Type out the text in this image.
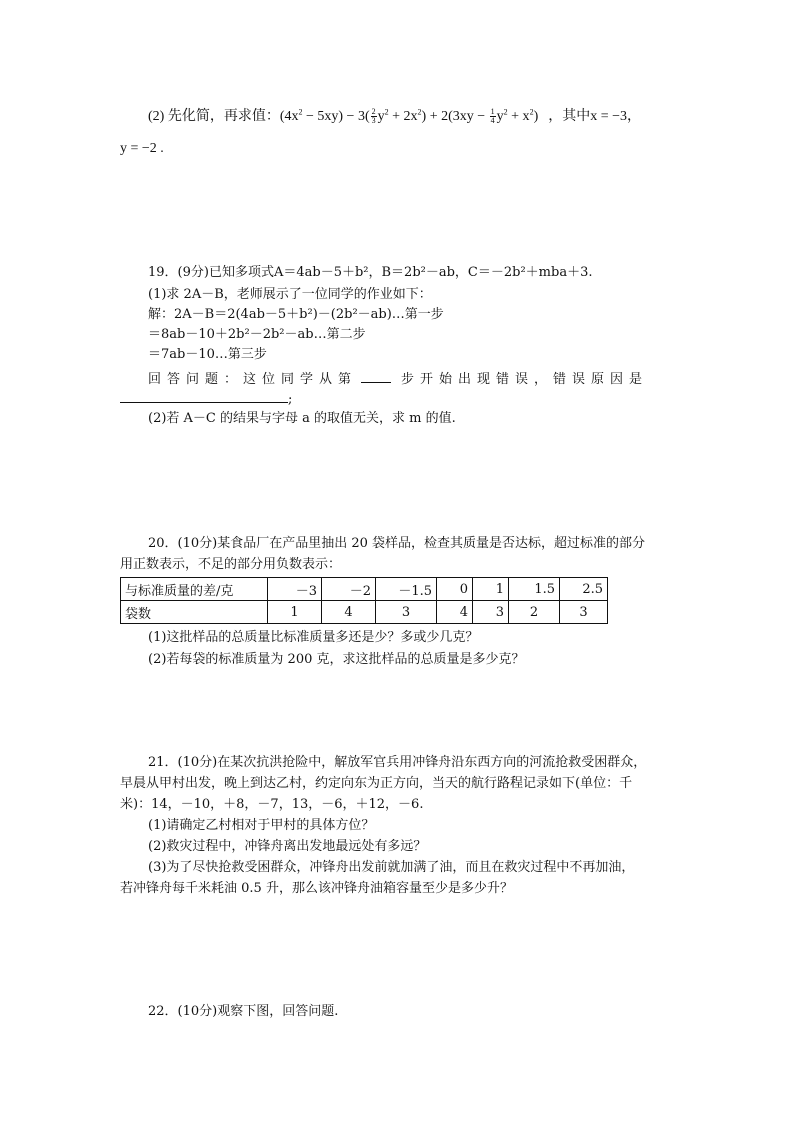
(2) 先化简，再求值：$(4x^2 - 5xy) - 3( \frac{2}{3} y^2 + 2x^2) + 2(3xy - \frac{1}{4} y^2 + x^2)$ ，其中x = −3，
y = −2 .
19．(9分)已知多项式A＝4ab－5＋b²，B＝2b²－ab，C＝－2b²＋mba＋3.
(1)求 2A－B，老师展示了一位同学的作业如下：
解：2A－B＝2(4ab－5＋b²)－(2b²－ab)…第一步
＝8ab－10＋2b²－2b²－ab…第二步
＝7ab－10…第三步
回答问题：这位同学从第	步开始出现错误，错误原因是
;
(2)若 A－C 的结果与字母 a 的取值无关，求 m 的值.
20．(10分)某食品厂在产品里抽出 20 袋样品，检查其质量是否达标，超过标准的部分
用正数表示，不足的部分用负数表示：
与标准质量的差/克	－3	－2	－1.5	0	1	1.5	2.5
袋数	1	4	3	4	3	2	3
(1)这批样品的总质量比标准质量多还是少？多或少几克？
(2)若每袋的标准质量为 200 克，求这批样品的总质量是多少克？
21．(10分)在某次抗洪抢险中，解放军官兵用冲锋舟沿东西方向的河流抢救受困群众，
早晨从甲村出发，晚上到达乙村，约定向东为正方向，当天的航行路程记录如下(单位：千
米)：14，－10，＋8，－7，13，－6，＋12，－6.
(1)请确定乙村相对于甲村的具体方位？
(2)救灾过程中，冲锋舟离出发地最远处有多远？
(3)为了尽快抢救受困群众，冲锋舟出发前就加满了油，而且在救灾过程中不再加油，
若冲锋舟每千米耗油 0.5 升，那么该冲锋舟油箱容量至少是多少升？
22．(10分)观察下图，回答问题.
